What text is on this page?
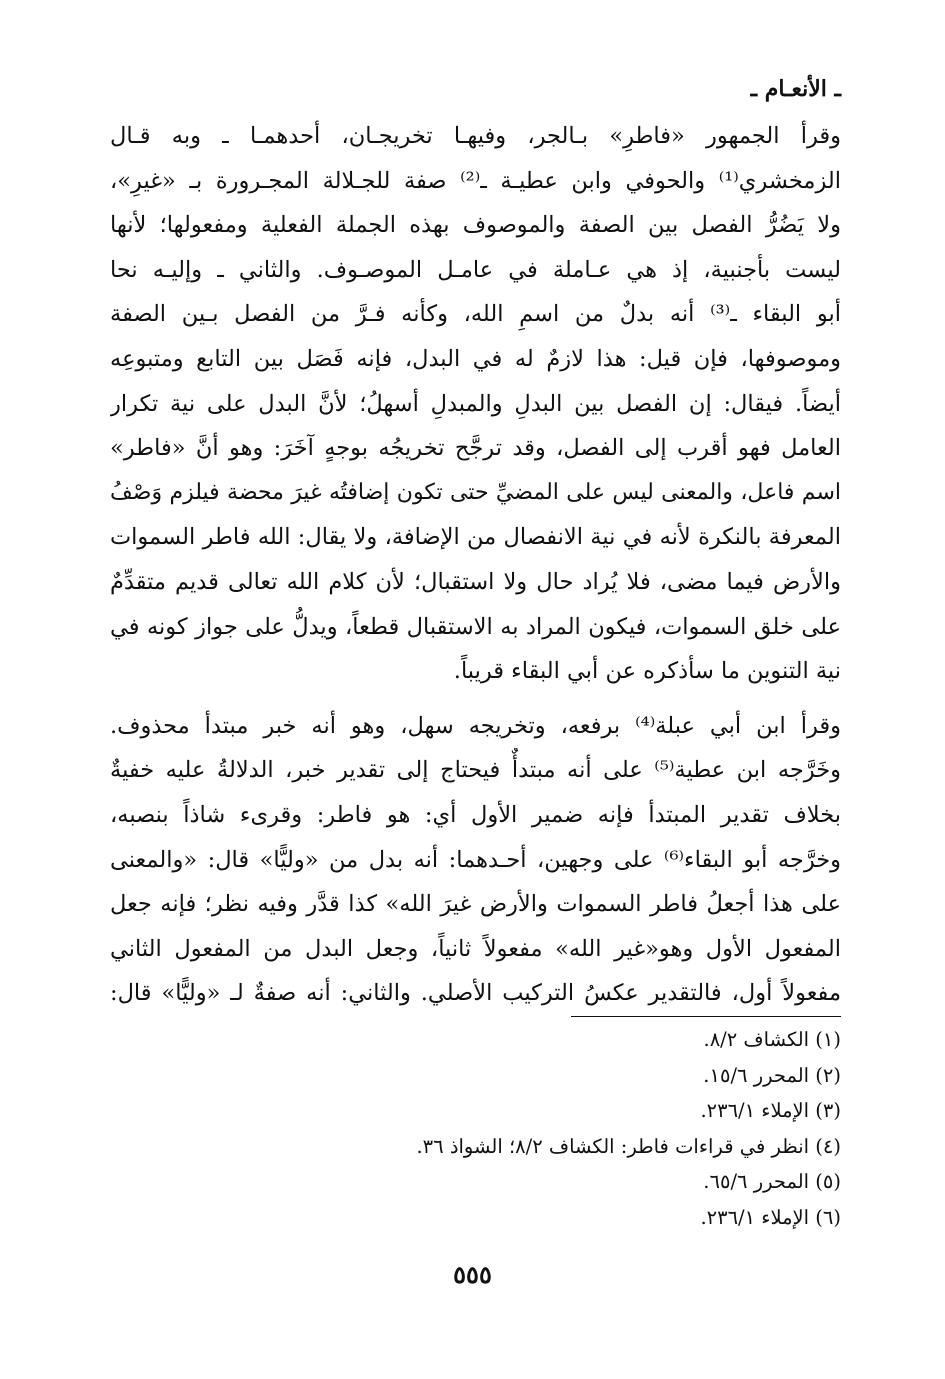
ـ الأنعـام ـ
وقرأ الجمهور «فاطرِ» بـالجر، وفيهـا تخريجـان، أحدهمـا ـ وبه قـال
الزمخشري⁽¹⁾ والحوفي وابن عطيـة ـ⁽²⁾ صفة للجـلالة المجـرورة بـ «غيرِ»،
ولا يَضُرُّ الفصل بين الصفة والموصوف بهذه الجملة الفعلية ومفعولها؛ لأنها
ليست بأجنبية، إذ هي عـاملة في عامـل الموصـوف. والثاني ـ وإليـه نحا
أبو البقاء ـ⁽³⁾ أنه بدلٌ من اسمِ الله، وكأنه فـرَّ من الفصل بـين الصفة
وموصوفها، فإن قيل: هذا لازمٌ له في البدل، فإنه فَصَل بين التابع ومتبوعِه
أيضاً. فيقال: إن الفصل بين البدلِ والمبدلِ أسهلُ؛ لأنَّ البدل على نية تكرار
العامل فهو أقرب إلى الفصل، وقد ترجَّح تخريجُه بوجهٍ آخَرَ: وهو أنَّ «فاطر»
اسم فاعل، والمعنى ليس على المضيِّ حتى تكون إضافتُه غيرَ محضة فيلزم وَصْفُ
المعرفة بالنكرة لأنه في نية الانفصال من الإضافة، ولا يقال: الله فاطر السموات
والأرض فيما مضى، فلا يُراد حال ولا استقبال؛ لأن كلام الله تعالى قديم متقدِّمٌ
على خلق السموات، فيكون المراد به الاستقبال قطعاً، ويدلُّ على جواز كونه في
نية التنوين ما سأذكره عن أبي البقاء قريباً.
وقرأ ابن أبي عبلة⁽⁴⁾ برفعه، وتخريجه سهل، وهو أنه خبر مبتدأ محذوف.
وخَرَّجه ابن عطية⁽⁵⁾ على أنه مبتدأٌ فيحتاج إلى تقدير خبر، الدلالةُ عليه خفيةٌ
بخلاف تقدير المبتدأ فإنه ضمير الأول أي: هو فاطر: وقرىء شاذاً بنصبه،
وخرَّجه أبو البقاء⁽⁶⁾ على وجهين، أحـدهما: أنه بدل من «وليًّا» قال: «والمعنى
على هذا أجعلُ فاطر السموات والأرض غيرَ الله» كذا قدَّر وفيه نظر؛ فإنه جعل
المفعول الأول وهو«غير الله» مفعولاً ثانياً، وجعل البدل من المفعول الثاني
مفعولاً أول، فالتقدير عكسُ التركيب الأصلي. والثاني: أنه صفةٌ لـ «وليًّا» قال:
(١) الكشاف ٨/٢.
(٢) المحرر ١٥/٦.
(٣) الإملاء ٢٣٦/١.
(٤) انظر في قراءات فاطر: الكشاف ٨/٢؛ الشواذ ٣٦.
(٥) المحرر ٦٥/٦.
(٦) الإملاء ٢٣٦/١.
٥٥٥
